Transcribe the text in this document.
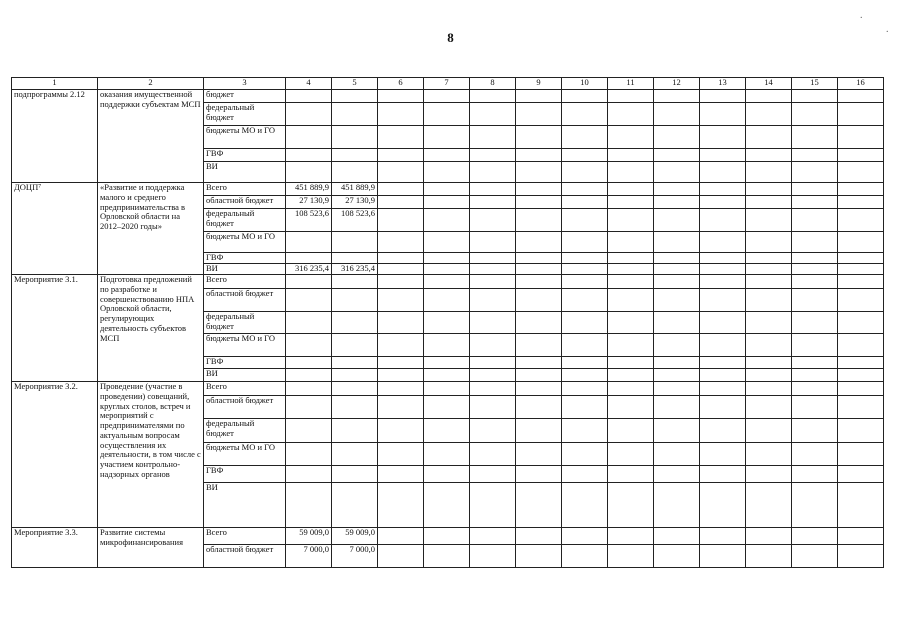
8
.
.
1	2	3	4	5	6	7	8	9	10	11	12	13	14	15	16
подпрограммы 2.12	оказания имущественной поддержки субъектам МСП	бюджет													
		федеральный бюджет													
		бюджеты МО и ГО													
		ГВФ													
		ВИ													
ДОЦП⁷	«Развитие и поддержка малого и среднего предпринимательства в Орловской области на 2012–2020 годы»	Всего	451 889,9	451 889,9											
		областной бюджет	27 130,9	27 130,9											
		федеральный бюджет	108 523,6	108 523,6											
		бюджеты МО и ГО													
		ГВФ													
		ВИ	316 235,4	316 235,4											
Мероприятие 3.1.	Подготовка предложений по разработке и совершенствованию НПА Орловской области, регулирующих деятельность субъектов МСП	Всего													
		областной бюджет													
		федеральный бюджет													
		бюджеты МО и ГО													
		ГВФ													
		ВИ													
Мероприятие 3.2.	Проведение (участие в проведении) совещаний, круглых столов, встреч и мероприятий с предпринимателями по актуальным вопросам осуществления их деятельности, в том числе с участием контрольно-надзорных органов	Всего													
		областной бюджет													
		федеральный бюджет													
		бюджеты МО и ГО													
		ГВФ													
		ВИ													
Мероприятие 3.3.	Развитие системы микрофинансирования	Всего	59 009,0	59 009,0											
		областной бюджет	7 000,0	7 000,0											
